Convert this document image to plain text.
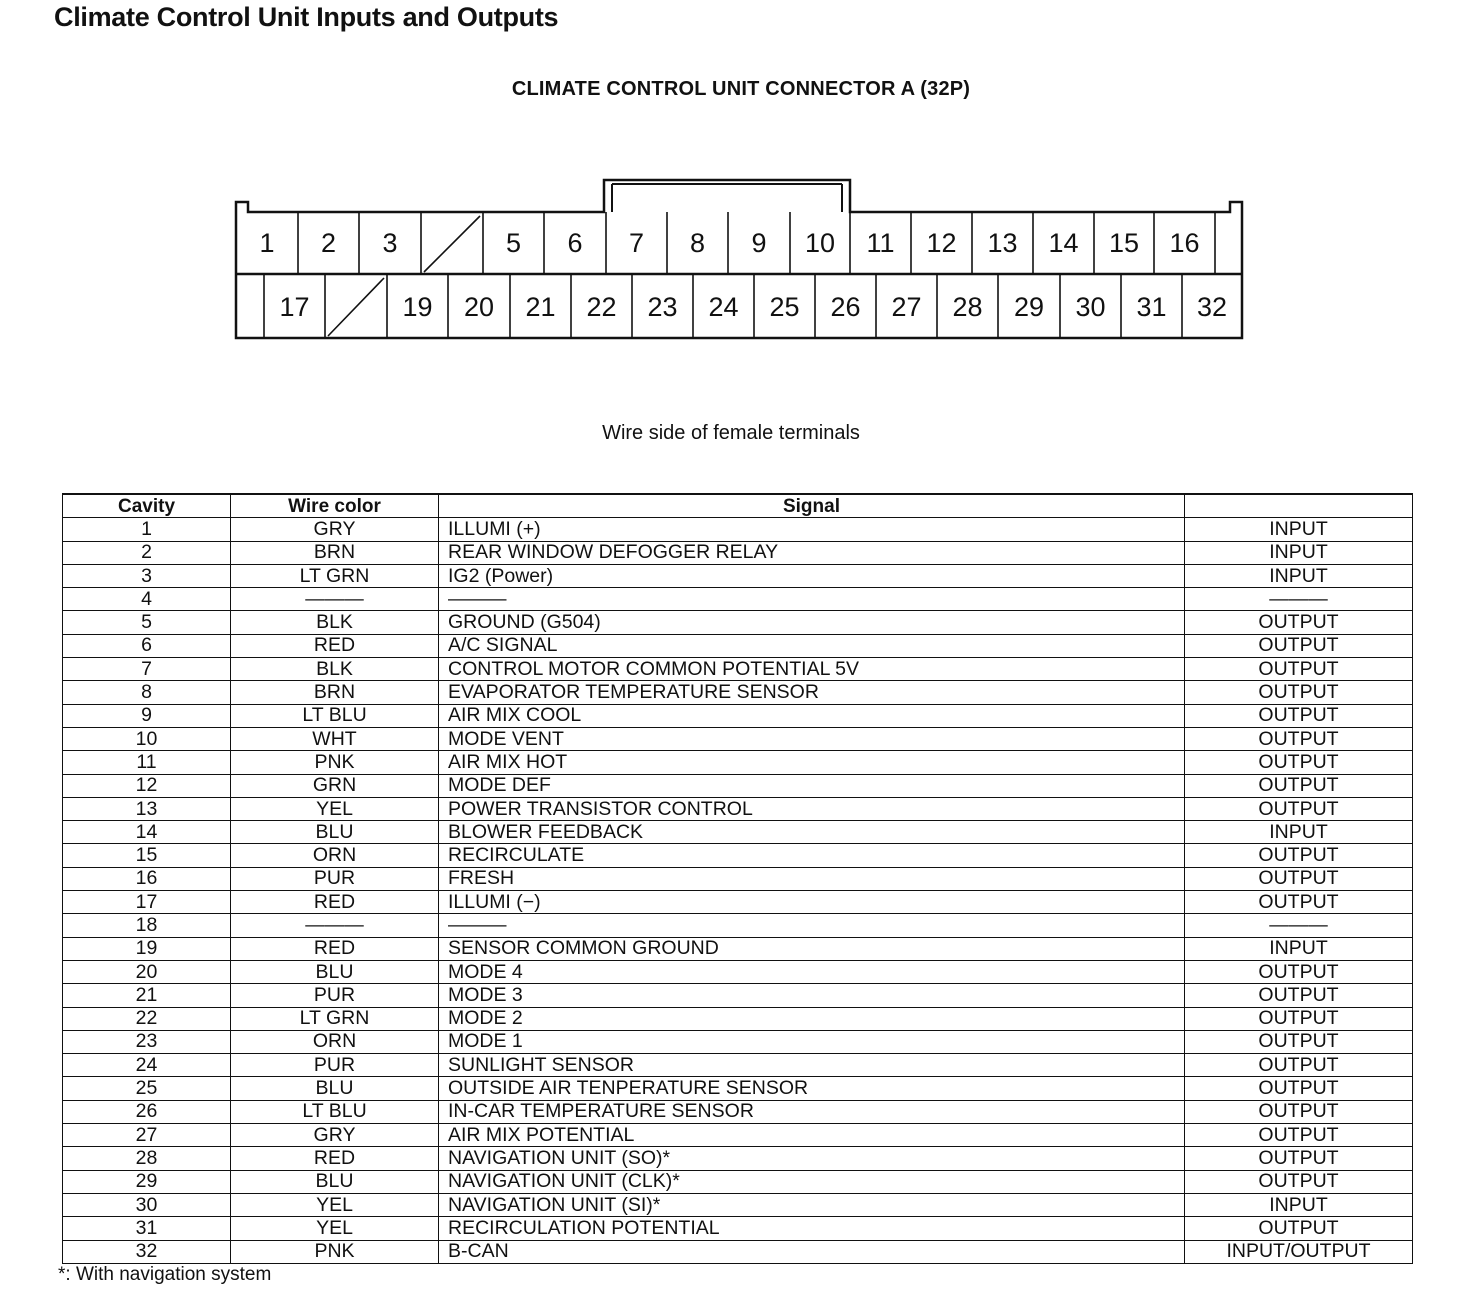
Climate Control Unit Inputs and Outputs
CLIMATE CONTROL UNIT CONNECTOR A (32P)
1	2	3	5	6	7	8	9	10	11	12	13	14	15	16
17	19	20	21	22	23	24	25	26	27	28	29	30	31	32
Wire side of female terminals
Cavity	Wire color	Signal	
1	GRY	ILLUMI (+)	INPUT
2	BRN	REAR WINDOW DEFOGGER RELAY	INPUT
3	LT GRN	IG2 (Power)	INPUT
4	———	———	———
5	BLK	GROUND (G504)	OUTPUT
6	RED	A/C SIGNAL	OUTPUT
7	BLK	CONTROL MOTOR COMMON POTENTIAL 5V	OUTPUT
8	BRN	EVAPORATOR TEMPERATURE SENSOR	OUTPUT
9	LT BLU	AIR MIX COOL	OUTPUT
10	WHT	MODE VENT	OUTPUT
11	PNK	AIR MIX HOT	OUTPUT
12	GRN	MODE DEF	OUTPUT
13	YEL	POWER TRANSISTOR CONTROL	OUTPUT
14	BLU	BLOWER FEEDBACK	INPUT
15	ORN	RECIRCULATE	OUTPUT
16	PUR	FRESH	OUTPUT
17	RED	ILLUMI (−)	OUTPUT
18	———	———	———
19	RED	SENSOR COMMON GROUND	INPUT
20	BLU	MODE 4	OUTPUT
21	PUR	MODE 3	OUTPUT
22	LT GRN	MODE 2	OUTPUT
23	ORN	MODE 1	OUTPUT
24	PUR	SUNLIGHT SENSOR	OUTPUT
25	BLU	OUTSIDE AIR TENPERATURE SENSOR	OUTPUT
26	LT BLU	IN-CAR TEMPERATURE SENSOR	OUTPUT
27	GRY	AIR MIX POTENTIAL	OUTPUT
28	RED	NAVIGATION UNIT (SO)*	OUTPUT
29	BLU	NAVIGATION UNIT (CLK)*	OUTPUT
30	YEL	NAVIGATION UNIT (SI)*	INPUT
31	YEL	RECIRCULATION POTENTIAL	OUTPUT
32	PNK	B-CAN	INPUT/OUTPUT
*: With navigation system
